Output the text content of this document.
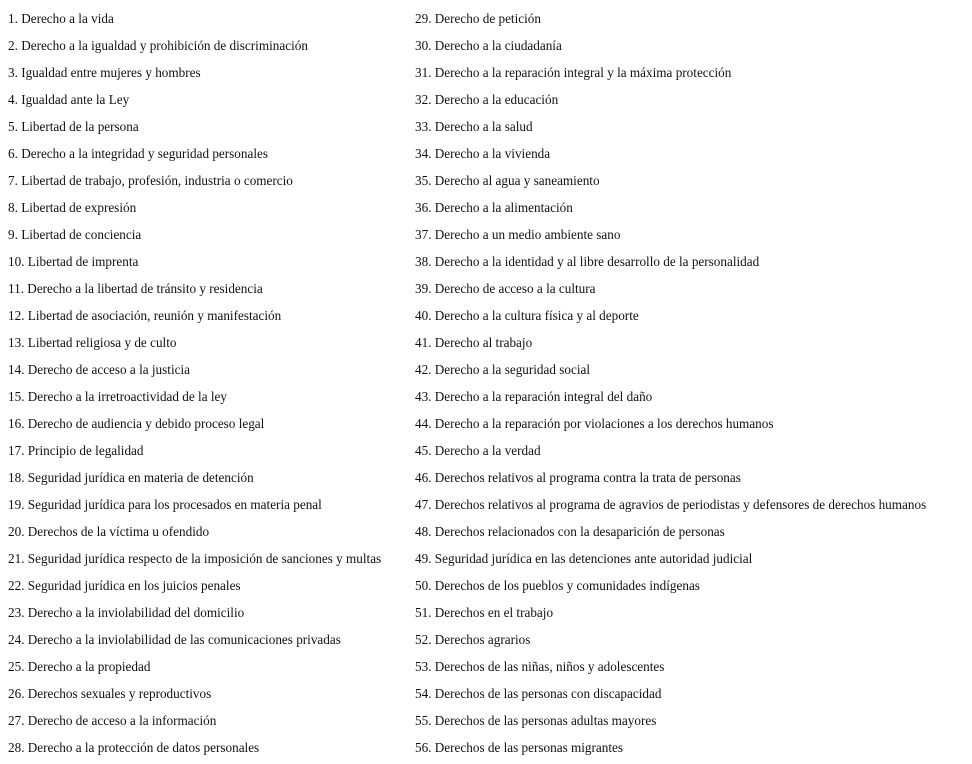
1. Derecho a la vida
2. Derecho a la igualdad y prohibición de discriminación
3. Igualdad entre mujeres y hombres
4. Igualdad ante la Ley
5. Libertad de la persona
6. Derecho a la integridad y seguridad personales
7. Libertad de trabajo, profesión, industria o comercio
8. Libertad de expresión
9. Libertad de conciencia
10. Libertad de imprenta
11. Derecho a la libertad de tránsito y residencia
12. Libertad de asociación, reunión y manifestación
13. Libertad religiosa y de culto
14. Derecho de acceso a la justicia
15. Derecho a la irretroactividad de la ley
16. Derecho de audiencia y debido proceso legal
17. Principio de legalidad
18. Seguridad jurídica en materia de detención
19. Seguridad jurídica para los procesados en materia penal
20. Derechos de la víctima u ofendido
21. Seguridad jurídica respecto de la imposición de sanciones y multas
22. Seguridad jurídica en los juicios penales
23. Derecho a la inviolabilidad del domicilio
24. Derecho a la inviolabilidad de las comunicaciones privadas
25. Derecho a la propiedad
26. Derechos sexuales y reproductivos
27. Derecho de acceso a la información
28. Derecho a la protección de datos personales
29. Derecho de petición
30. Derecho a la ciudadanía
31. Derecho a la reparación integral y la máxima protección
32. Derecho a la educación
33. Derecho a la salud
34. Derecho a la vivienda
35. Derecho al agua y saneamiento
36. Derecho a la alimentación
37. Derecho a un medio ambiente sano
38. Derecho a la identidad y al libre desarrollo de la personalidad
39. Derecho de acceso a la cultura
40. Derecho a la cultura física y al deporte
41. Derecho al trabajo
42. Derecho a la seguridad social
43. Derecho a la reparación integral del daño
44. Derecho a la reparación por violaciones a los derechos humanos
45. Derecho a la verdad
46. Derechos relativos al programa contra la trata de personas
47. Derechos relativos al programa de agravios de periodistas y defensores de derechos humanos
48. Derechos relacionados con la desaparición de personas
49. Seguridad jurídica en las detenciones ante autoridad judicial
50. Derechos de los pueblos y comunidades indígenas
51. Derechos en el trabajo
52. Derechos agrarios
53. Derechos de las niñas, niños y adolescentes
54. Derechos de las personas con discapacidad
55. Derechos de las personas adultas mayores
56. Derechos de las personas migrantes
